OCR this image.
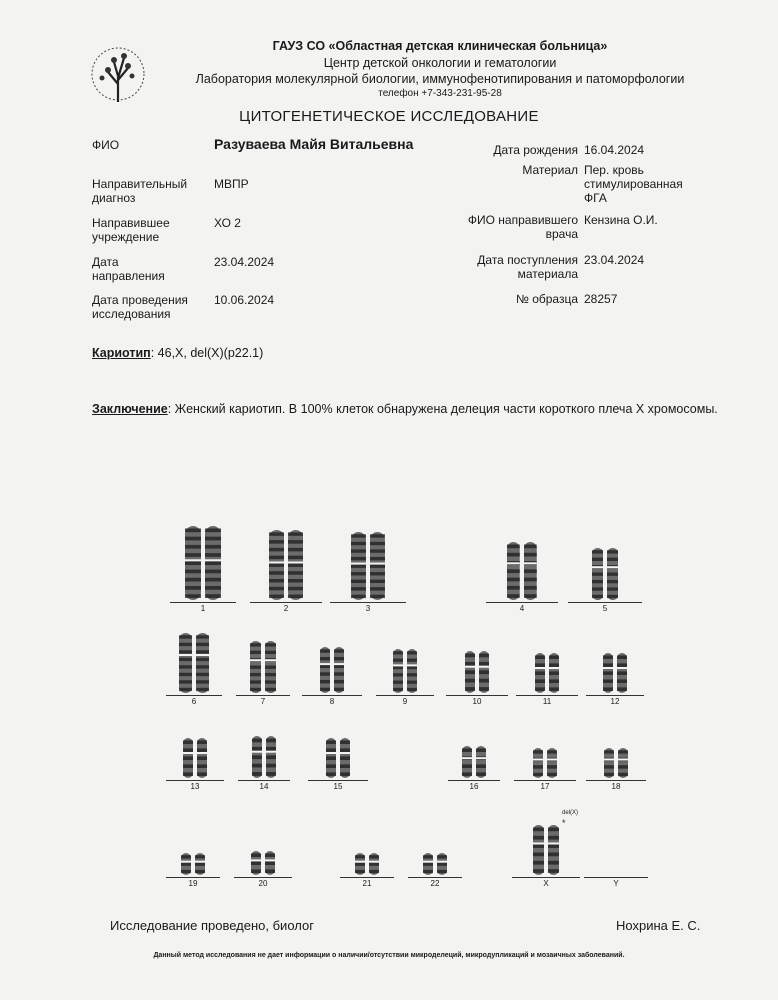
ГАУЗ СО «Областная детская клиническая больница»
Центр детской онкологии и гематологии
Лаборатория молекулярной биологии, иммунофенотипирования и патоморфологии
телефон +7-343-231-95-28
ЦИТОГЕНЕТИЧЕСКОЕ ИССЛЕДОВАНИЕ
ФИО	Разуваева Майя Витальевна
Направительный диагноз
МВПР
Направившее учреждение
ХО 2
Дата направления
23.04.2024
Дата проведения исследования
10.06.2024
Дата рождения 16.04.2024
Материал Пер. кровь стимулированная ФГА
ФИО направившего врача
Кензина О.И.
Дата поступления материала
23.04.2024
№ образца 28257
Кариотип: 46,X, del(X)(p22.1)
Заключение: Женский кариотип. В 100% клеток обнаружена делеция части короткого плеча X хромосомы.
1	2	3	4	5
6	7	8	9	10	11	12
13	14	15	16	17	18
19	20	21	22	X	Y
*
del(X)
Исследование проведено, биолог	Нохрина Е. С.
Данный метод исследования не дает информации о наличии/отсутствии микроделеций, микродупликаций и мозаичных заболеваний.
